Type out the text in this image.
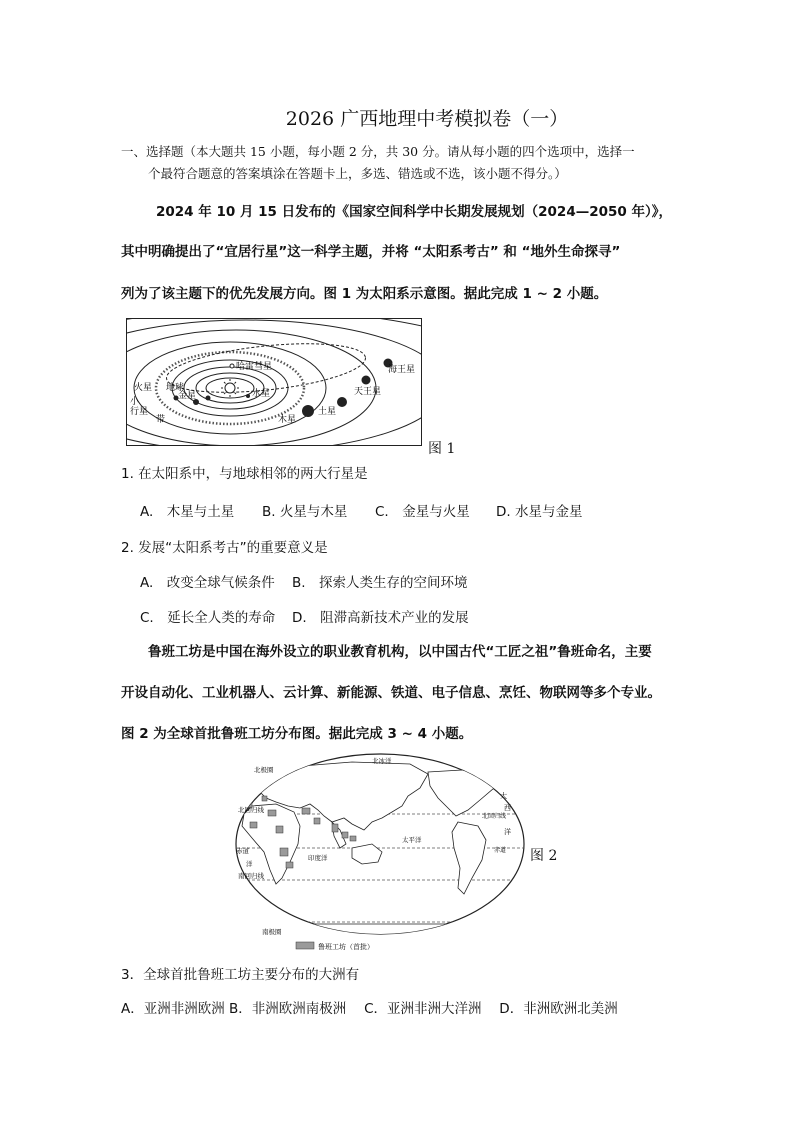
2026 广西地理中考模拟卷（一）
一、选择题（本大题共 15 小题，每小题 2 分，共 30 分。请从每小题的四个选项中，选择一
个最符合题意的答案填涂在答题卡上，多选、错选或不选，该小题不得分。）
2024 年 10 月 15 日发布的《国家空间科学中长期发展规划（2024—2050 年）》，
其中明确提出了“宜居行星”这一科学主题，并将 “太阳系考古” 和 “地外生命探寻”
列为了该主题下的优先发展方向。图 1 为太阳系示意图。据此完成 1 ~ 2 小题。
哈雷彗星
水星
金星
地球
火星
小
行星
带	木星
土星
天王星
海王星
图 1
1. 在太阳系中，与地球相邻的两大行星是
A.　木星与土星 B. 火星与木星 C.　金星与火星 D. 水星与金星
2. 发展“太阳系考古”的重要意义是
A.　改变全球气候条件 B.　探索人类生存的空间环境
C.　延长全人类的寿命 D.　阻滞高新技术产业的发展
鲁班工坊是中国在海外设立的职业教育机构，以中国古代“工匠之祖”鲁班命名，主要
开设自动化、工业机器人、云计算、新能源、铁道、电子信息、烹饪、物联网等多个专业。
图 2 为全球首批鲁班工坊分布图。据此完成 3 ~ 4 小题。
北极圈
北冰洋
北回归线
赤道
洋
南回归线
南极圈
太平洋
印度洋
大
西
洋
北回归线
赤道
鲁班工坊（首批）
图 2
3．全球首批鲁班工坊主要分布的大洲有
A．亚洲非洲欧洲 B．非洲欧洲南极洲　 C．亚洲非洲大洋洲　 D．非洲欧洲北美洲
